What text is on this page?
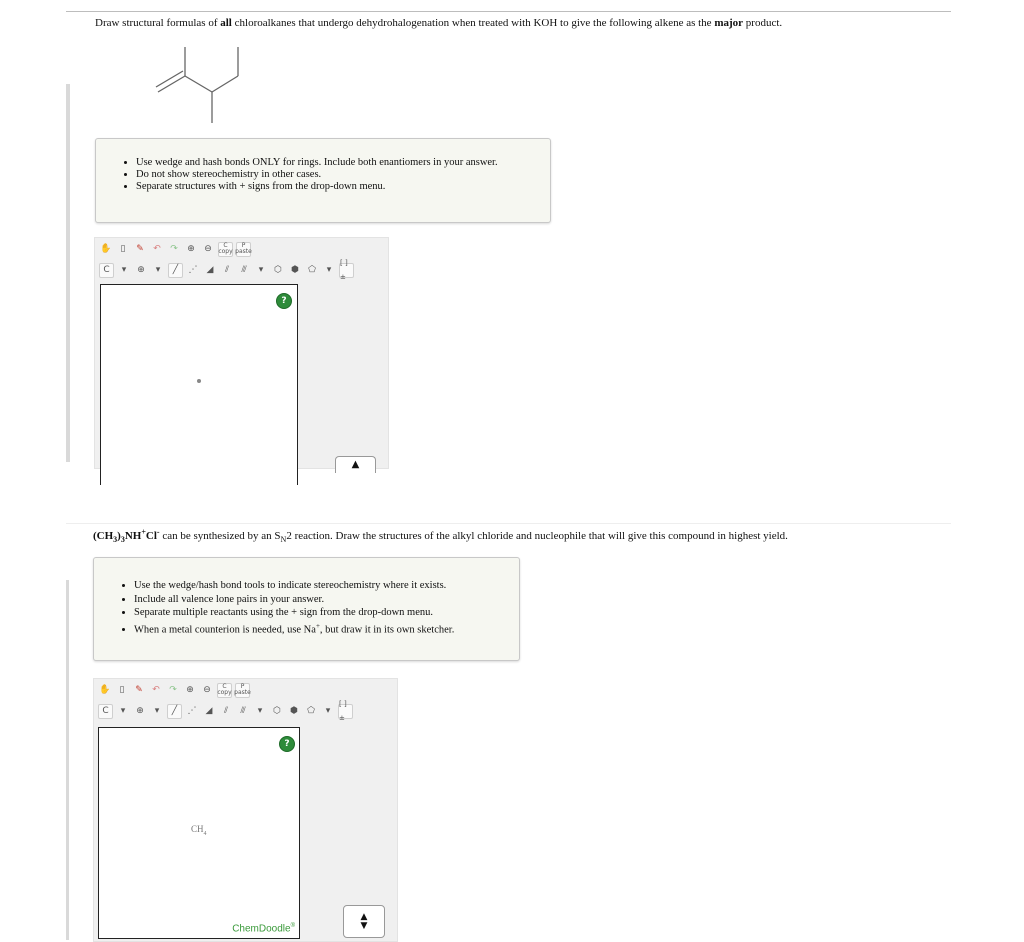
Draw structural formulas of all chloroalkanes that undergo dehydrohalogenation when treated with KOH to give the following alkene as the major product.
• Use wedge and hash bonds ONLY for rings. Include both enantiomers in your answer.
• Do not show stereochemistry in other cases.
• Separate structures with + signs from the drop-down menu.
✋ ▯	✎	↶	↷	⊕	⊖	C
copy
P
paste
C	▾	⊕	▾	╱	⋰	◢	⫽	⫻	▾	⬡	⬢	⬠	▾
[ ]±
?
▲
$(CH_3)_3NH^+Cl^-$ can be synthesized by an $S_N2$ reaction. Draw the structures of the alkyl chloride and nucleophile that will give this compound in highest yield.
• Use the wedge/hash bond tools to indicate stereochemistry where it exists.
• Include all valence lone pairs in your answer.
• Separate multiple reactants using the + sign from the drop-down menu.
• When a metal counterion is needed, use Na+, but draw it in its own sketcher.
✋ ▯	✎	↶	↷	⊕	⊖	C
copy
P
paste
C	▾	⊕	▾	╱	⋰	◢	⫽	⫻	▾	⬡	⬢	⬠	▾
[ ]±
?
$CH_4$
ChemDoodle®
▲
▼
